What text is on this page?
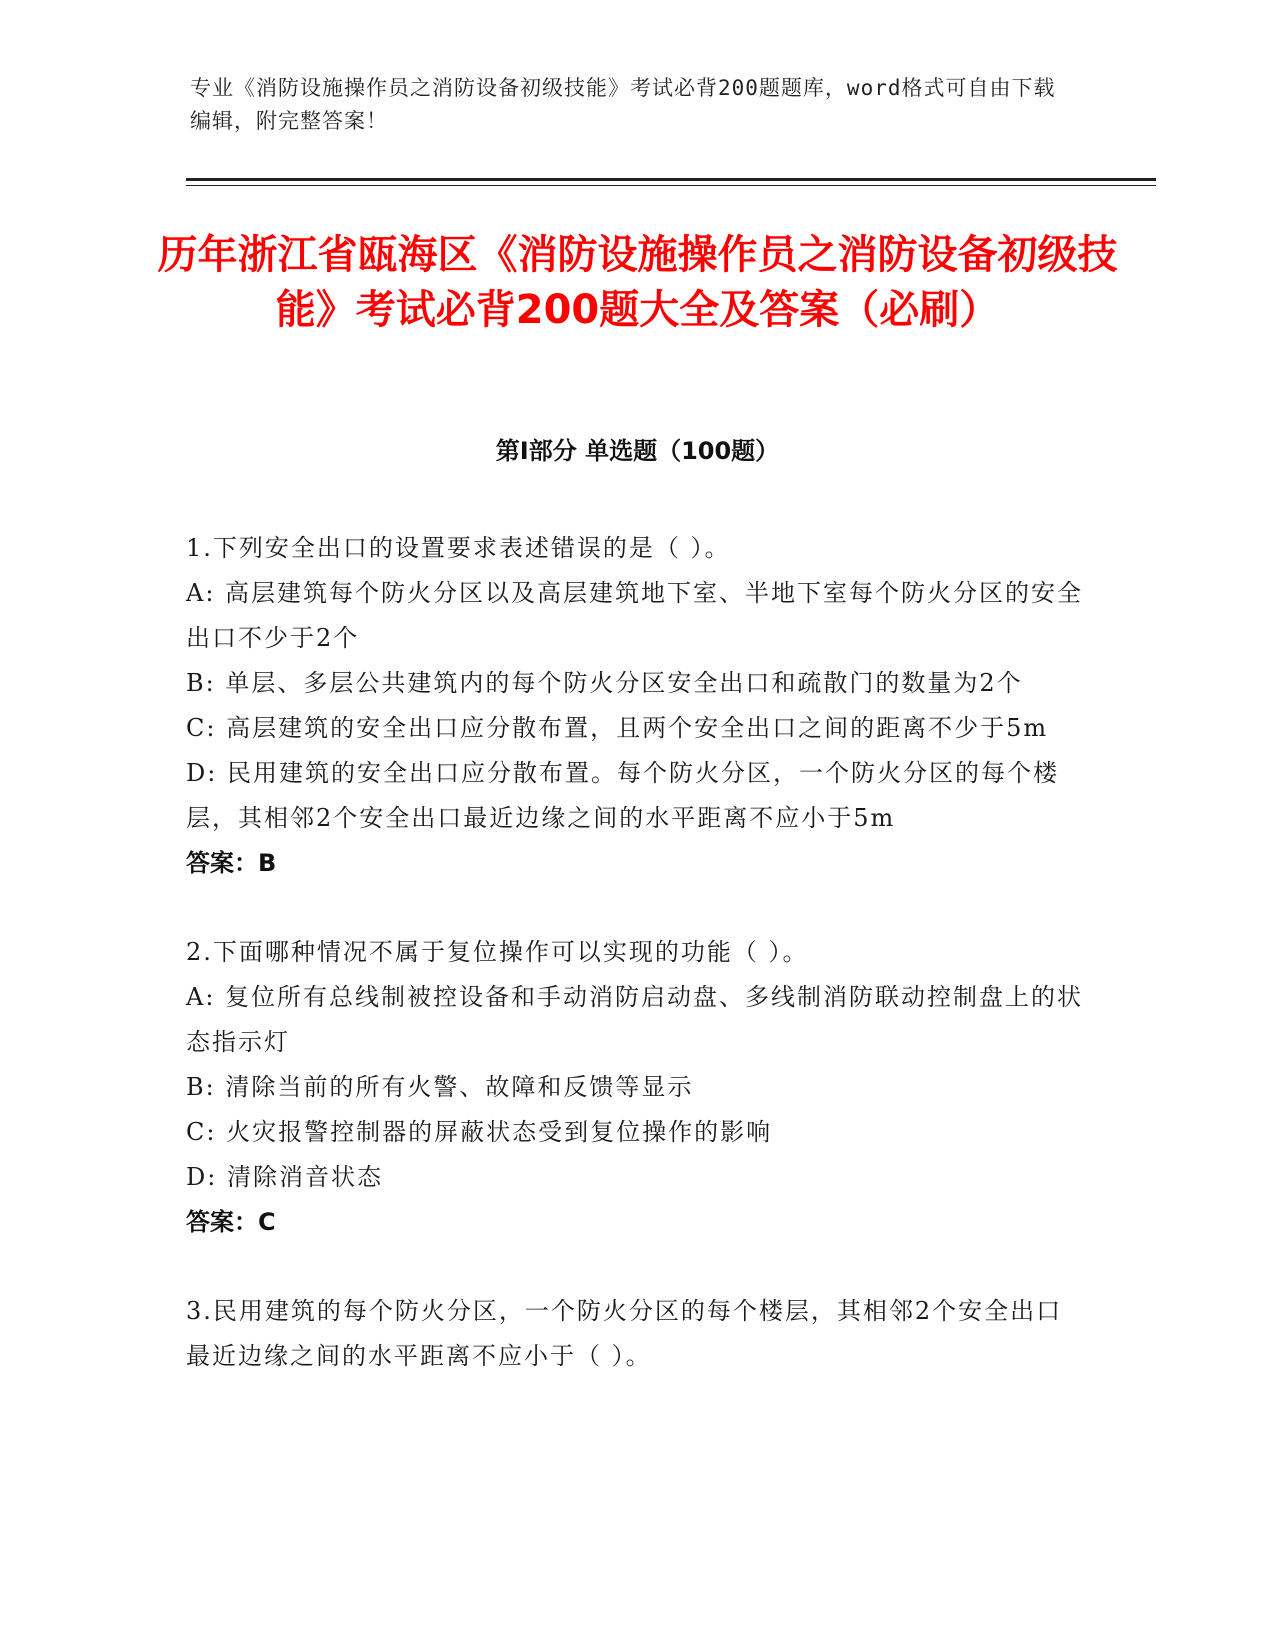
专业《消防设施操作员之消防设备初级技能》考试必背200题题库，word格式可自由下载编辑，附完整答案！
历年浙江省瓯海区《消防设施操作员之消防设备初级技能》考试必背200题大全及答案（必刷）
第Ⅰ部分 单选题（100题）
1.下列安全出口的设置要求表述错误的是（ ）。
A: 高层建筑每个防火分区以及高层建筑地下室、半地下室每个防火分区的安全出口不少于2个
B: 单层、多层公共建筑内的每个防火分区安全出口和疏散门的数量为2个
C: 高层建筑的安全出口应分散布置，且两个安全出口之间的距离不少于5m
D: 民用建筑的安全出口应分散布置。每个防火分区，一个防火分区的每个楼层，其相邻2个安全出口最近边缘之间的水平距离不应小于5m
答案：B
2.下面哪种情况不属于复位操作可以实现的功能（ ）。
A: 复位所有总线制被控设备和手动消防启动盘、多线制消防联动控制盘上的状态指示灯
B: 清除当前的所有火警、故障和反馈等显示
C: 火灾报警控制器的屏蔽状态受到复位操作的影响
D: 清除消音状态
答案：C
3.民用建筑的每个防火分区，一个防火分区的每个楼层，其相邻2个安全出口最近边缘之间的水平距离不应小于（ ）。
